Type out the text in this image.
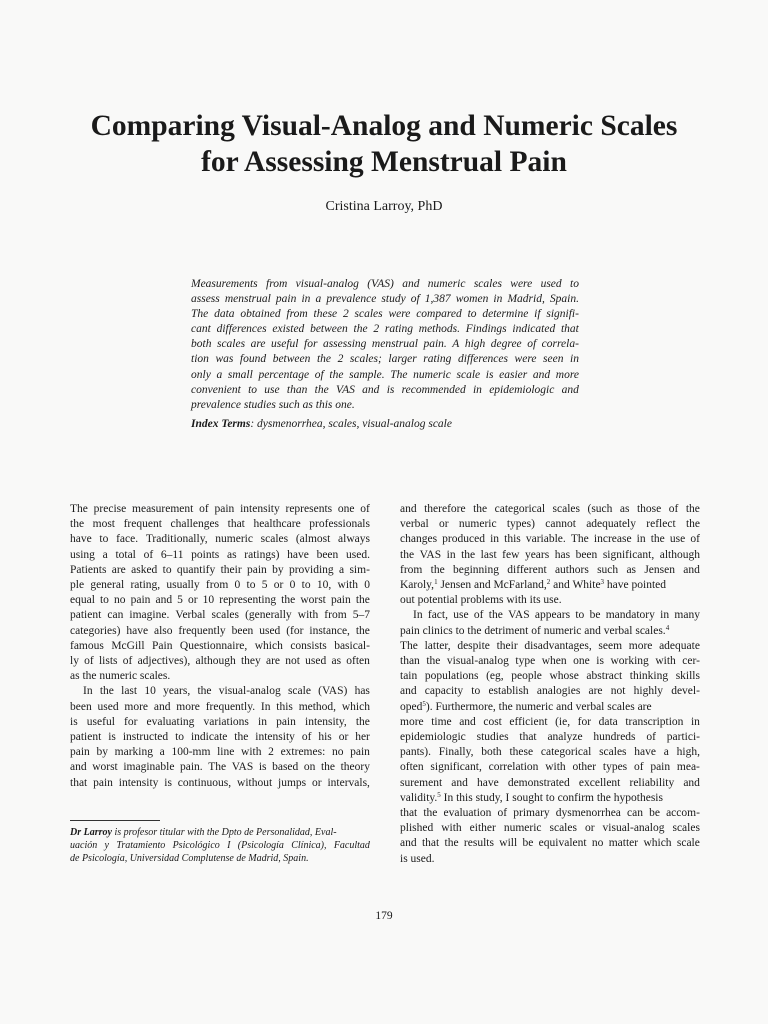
Comparing Visual-Analog and Numeric Scales
for Assessing Menstrual Pain
Cristina Larroy, PhD
Measurements from visual-analog (VAS) and numeric scales were used to
assess menstrual pain in a prevalence study of 1,387 women in Madrid, Spain.
The data obtained from these 2 scales were compared to determine if signifi-
cant differences existed between the 2 rating methods. Findings indicated that
both scales are useful for assessing menstrual pain. A high degree of correla-
tion was found between the 2 scales; larger rating differences were seen in
only a small percentage of the sample. The numeric scale is easier and more
convenient to use than the VAS and is recommended in epidemiologic and
prevalence studies such as this one.
Index Terms: dysmenorrhea, scales, visual-analog scale
The precise measurement of pain intensity represents one of
the most frequent challenges that healthcare professionals
have to face. Traditionally, numeric scales (almost always
using a total of 6–11 points as ratings) have been used.
Patients are asked to quantify their pain by providing a sim-
ple general rating, usually from 0 to 5 or 0 to 10, with 0
equal to no pain and 5 or 10 representing the worst pain the
patient can imagine. Verbal scales (generally with from 5–7
categories) have also frequently been used (for instance, the
famous McGill Pain Questionnaire, which consists basical-
ly of lists of adjectives), although they are not used as often
as the numeric scales.
In the last 10 years, the visual-analog scale (VAS) has
been used more and more frequently. In this method, which
is useful for evaluating variations in pain intensity, the
patient is instructed to indicate the intensity of his or her
pain by marking a 100-mm line with 2 extremes: no pain
and worst imaginable pain. The VAS is based on the theory
that pain intensity is continuous, without jumps or intervals,
and therefore the categorical scales (such as those of the
verbal or numeric types) cannot adequately reflect the
changes produced in this variable. The increase in the use of
the VAS in the last few years has been significant, although
from the beginning different authors such as Jensen and
Karoly,$^1$ Jensen and McFarland,$^2$ and White$^3$ have pointed
out potential problems with its use.
In fact, use of the VAS appears to be mandatory in many
pain clinics to the detriment of numeric and verbal scales.$^4$
The latter, despite their disadvantages, seem more adequate
than the visual-analog type when one is working with cer-
tain populations (eg, people whose abstract thinking skills
and capacity to establish analogies are not highly devel-
oped$^5$). Furthermore, the numeric and verbal scales are
more time and cost efficient (ie, for data transcription in
epidemiologic studies that analyze hundreds of partici-
pants). Finally, both these categorical scales have a high,
often significant, correlation with other types of pain mea-
surement and have demonstrated excellent reliability and
validity.$^5$ In this study, I sought to confirm the hypothesis
that the evaluation of primary dysmenorrhea can be accom-
plished with either numeric scales or visual-analog scales
and that the results will be equivalent no matter which scale
is used.
Dr Larroy is profesor titular with the Dpto de Personalidad, Eval-
uación y Tratamiento Psicológico I (Psicología Clínica), Facultad
de Psicología, Universidad Complutense de Madrid, Spain.
179
